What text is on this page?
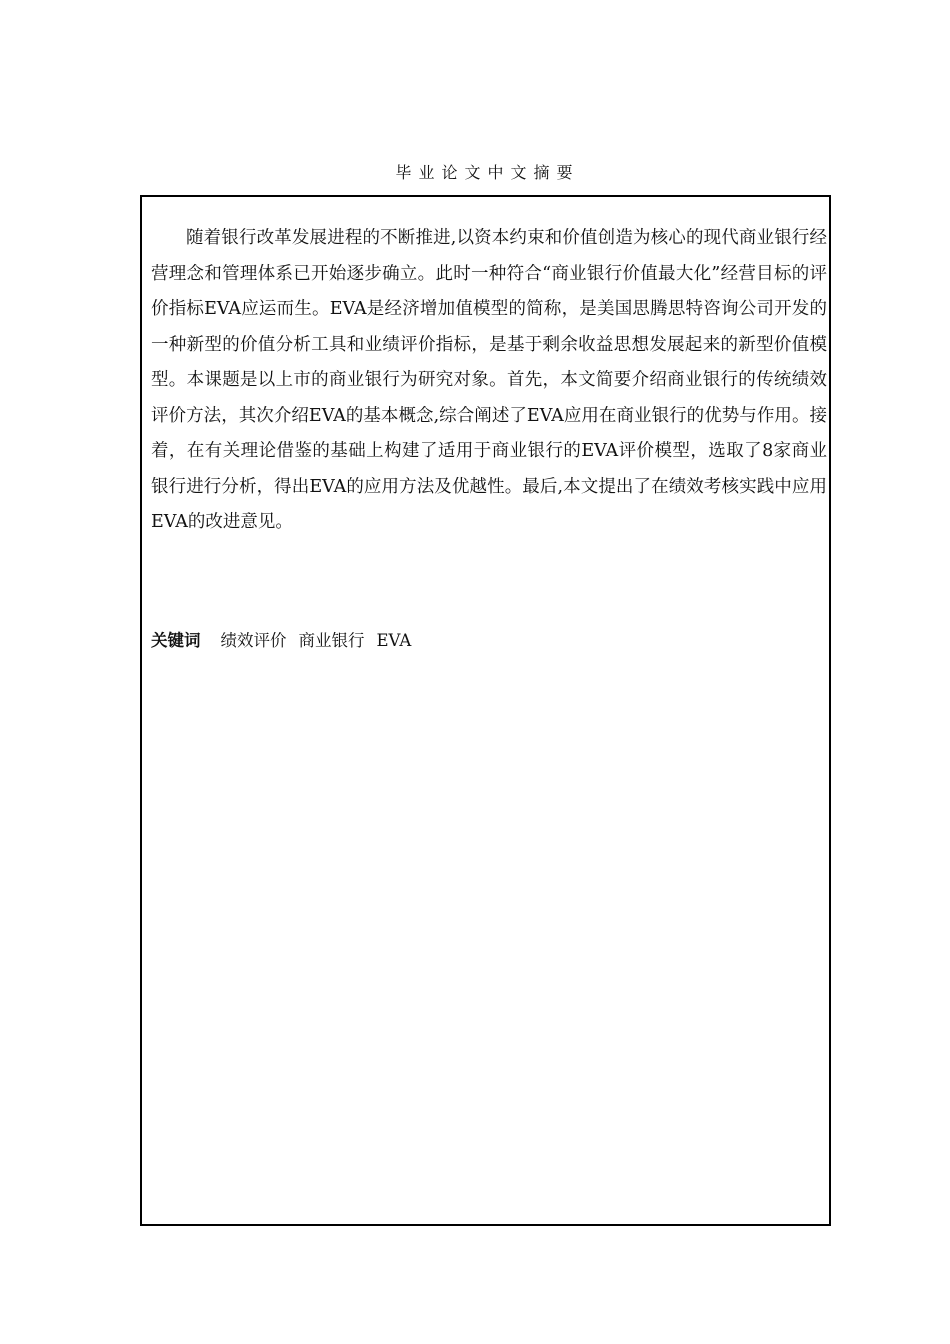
毕业论文中文摘要

随着银行改革发展进程的不断推进,以资本约束和价值创造为核心的现代商业银行经营理念和管理体系已开始逐步确立。此时一种符合“商业银行价值最大化”经营目标的评价指标EVA应运而生。EVA是经济增加值模型的简称，是美国思腾思特咨询公司开发的一种新型的价值分析工具和业绩评价指标，是基于剩余收益思想发展起来的新型价值模型。本课题是以上市的商业银行为研究对象。首先，本文简要介绍商业银行的传统绩效评价方法，其次介绍EVA的基本概念,综合阐述了EVA应用在商业银行的优势与作用。接着，在有关理论借鉴的基础上构建了适用于商业银行的EVA评价模型，选取了8家商业银行进行分析，得出EVA的应用方法及优越性。最后,本文提出了在绩效考核实践中应用EVA的改进意见。

关键词 绩效评价 商业银行 EVA
